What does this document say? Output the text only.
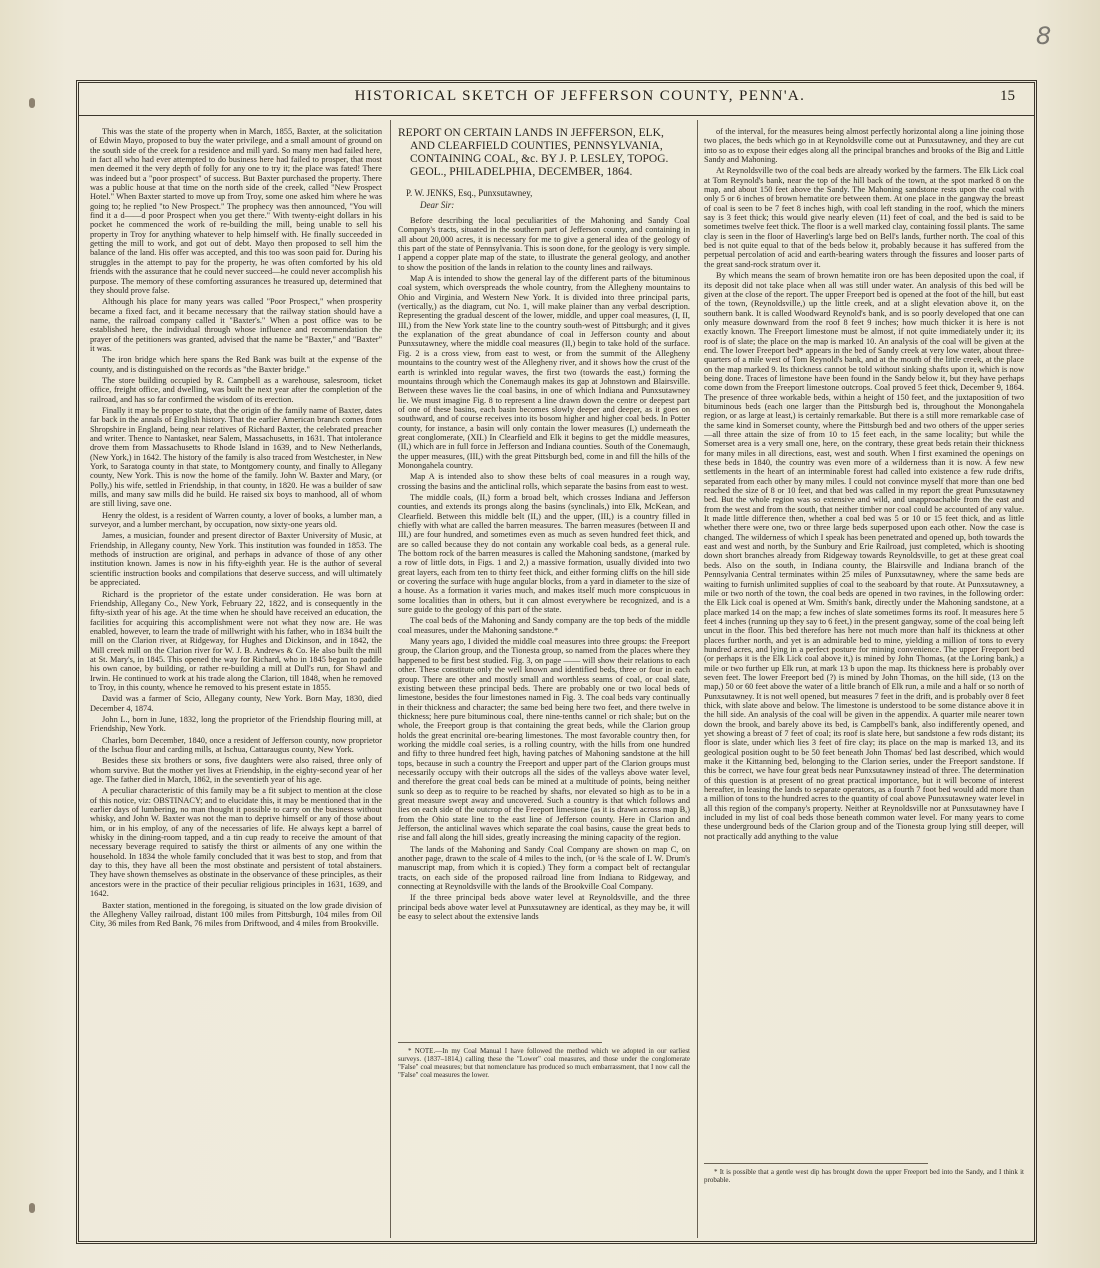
8
HISTORICAL SKETCH OF JEFFERSON COUNTY, PENN'A.	15

This was the state of the property when in March, 1855, Baxter, at the solicitation of Edwin Mayo, proposed to buy the water privilege, and a small amount of ground on the south side of the creek for a residence and mill yard. So many men had failed here, in fact all who had ever attempted to do business here had failed to prosper, that most men deemed it the very depth of folly for any one to try it; the place was fated! There was indeed but a "poor prospect" of success. But Baxter purchased the property. There was a public house at that time on the north side of the creek, called "New Prospect Hotel." When Baxter started to move up from Troy, some one asked him where he was going to; he replied "to New Prospect." The prophecy was then announced, "You will find it a d——d poor Prospect when you get there." With twenty-eight dollars in his pocket he commenced the work of re-building the mill, being unable to sell his property in Troy for anything whatever to help himself with. He finally succeeded in getting the mill to work, and got out of debt. Mayo then proposed to sell him the balance of the land. His offer was accepted, and this too was soon paid for. During his struggles in the attempt to pay for the property, he was often comforted by his old friends with the assurance that he could never succeed—he could never accomplish his purpose. The memory of these comforting assurances he treasured up, determined that they should prove false.

Although his place for many years was called "Poor Prospect," when prosperity became a fixed fact, and it became necessary that the railway station should have a name, the railroad company called it "Baxter's." When a post office was to be established here, the individual through whose influence and recommendation the prayer of the petitioners was granted, advised that the name be "Baxter," and "Baxter" it was.

The iron bridge which here spans the Red Bank was built at the expense of the county, and is distinguished on the records as "the Baxter bridge."

The store building occupied by R. Campbell as a warehouse, salesroom, ticket office, freight office, and dwelling, was built the next year after the completion of the railroad, and has so far confirmed the wisdom of its erection.

Finally it may be proper to state, that the origin of the family name of Baxter, dates far back in the annals of English history. That the earlier American branch comes from Shropshire in England, being near relatives of Richard Baxter, the celebrated preacher and writer. Thence to Nantasket, near Salem, Massachusetts, in 1631. That intolerance drove them from Massachusetts to Rhode Island in 1639, and to New Netherlands, (New York,) in 1642. The history of the family is also traced from Westchester, in New York, to Saratoga county in that state, to Montgomery county, and finally to Allegany county, New York. This is now the home of the family. John W. Baxter and Mary, (or Polly,) his wife, settled in Friendship, in that county, in 1820. He was a builder of saw mills, and many saw mills did he build. He raised six boys to manhood, all of whom are still living, save one.

Henry the oldest, is a resident of Warren county, a lover of books, a lumber man, a surveyor, and a lumber merchant, by occupation, now sixty-one years old.

James, a musician, founder and present director of Baxter University of Music, at Friendship, in Allegany county, New York. This institution was founded in 1853. The methods of instruction are original, and perhaps in advance of those of any other institution known. James is now in his fifty-eighth year. He is the author of several scientific instruction books and compilations that deserve success, and will ultimately be appreciated.

Richard is the proprietor of the estate under consideration. He was born at Friendship, Allegany Co., New York, February 22, 1822, and is consequently in the fifty-sixth year of his age. At the time when he should have received an education, the facilities for acquiring this accomplishment were not what they now are. He was enabled, however, to learn the trade of millwright with his father, who in 1834 built the mill on the Clarion river, at Ridgeway, for Hughes and Dickinson, and in 1842, the Mill creek mill on the Clarion river for W. J. B. Andrews & Co. He also built the mill at St. Mary's, in 1845. This opened the way for Richard, who in 1845 began to paddle his own canoe, by building, or rather re-building a mill at Dull's run, for Shawl and Irwin. He continued to work at his trade along the Clarion, till 1848, when he removed to Troy, in this county, whence he removed to his present estate in 1855.

David was a farmer of Scio, Allegany county, New York. Born May, 1830, died December 4, 1874.

John L., born in June, 1832, long the proprietor of the Friendship flouring mill, at Friendship, New York.

Charles, born December, 1840, once a resident of Jefferson county, now proprietor of the Ischua flour and carding mills, at Ischua, Cattaraugus county, New York.

Besides these six brothers or sons, five daughters were also raised, three only of whom survive. But the mother yet lives at Friendship, in the eighty-second year of her age. The father died in March, 1862, in the seventieth year of his age.

A peculiar characteristic of this family may be a fit subject to mention at the close of this notice, viz: OBSTINACY; and to elucidate this, it may be mentioned that in the earlier days of lumbering, no man thought it possible to carry on the business without whisky, and John W. Baxter was not the man to deprive himself or any of those about him, or in his employ, of any of the necessaries of life. He always kept a barrel of whisky in the dining-room tapped, and a tin cup ready to receive the amount of that necessary beverage required to satisfy the thirst or ailments of any one within the household. In 1834 the whole family concluded that it was best to stop, and from that day to this, they have all been the most obstinate and persistent of total abstainers. They have shown themselves as obstinate in the observance of these principles, as their ancestors were in the practice of their peculiar religious principles in 1631, 1639, and 1642.

Baxter station, mentioned in the foregoing, is situated on the low grade division of the Allegheny Valley railroad, distant 100 miles from Pittsburgh, 104 miles from Oil City, 36 miles from Red Bank, 76 miles from Driftwood, and 4 miles from Brookville.

REPORT ON CERTAIN LANDS IN JEFFERSON, ELK, AND CLEARFIELD COUNTIES, PENNSYLVANIA, CONTAINING COAL, &c. BY J. P. LESLEY, TOPOG. GEOL., PHILADELPHIA, DECEMBER, 1864.
P. W. JENKS, Esq., Punxsutawney,
Dear Sir:

Before describing the local peculiarities of the Mahoning and Sandy Coal Company's tracts, situated in the southern part of Jefferson county, and containing in all about 20,000 acres, it is necessary for me to give a general idea of the geology of this part of the state of Pennsylvania. This is soon done, for the geology is very simple. I append a copper plate map of the state, to illustrate the general geology, and another to show the position of the lands in relation to the county lines and railways.

Map A is intended to show the general lay of the different parts of the bituminous coal system, which overspreads the whole country, from the Allegheny mountains to Ohio and Virginia, and Western New York. It is divided into three principal parts, (vertically,) as the diagram, cut No. 1, will make plainer than any verbal description. Representing the gradual descent of the lower, middle, and upper coal measures, (I, II, III,) from the New York state line to the country south-west of Pittsburgh; and it gives the explanation of the great abundance of coal in Jefferson county and about Punxsutawney, where the middle coal measures (II,) begin to take hold of the surface. Fig. 2 is a cross view, from east to west, or from the summit of the Allegheny mountains to the country west of the Allegheny river, and it shows how the crust of the earth is wrinkled into regular waves, the first two (towards the east,) forming the mountains through which the Conemaugh makes its gap at Johnstown and Blairsville. Between these waves lie the coal basins, in one of which Indiana and Punxsutawney lie. We must imagine Fig. 8 to represent a line drawn down the centre or deepest part of one of these basins, each basin becomes slowly deeper and deeper, as it goes on southward, and of course receives into its bosom higher and higher coal beds. In Potter county, for instance, a basin will only contain the lower measures (I,) underneath the great conglomerate, (XII.) In Clearfield and Elk it begins to get the middle measures, (II,) which are in full force in Jefferson and Indiana counties. South of the Conemaugh, the upper measures, (III,) with the great Pittsburgh bed, come in and fill the hills of the Monongahela country.

Map A is intended also to show these belts of coal measures in a rough way, crossing the basins and the anticlinal rolls, which separate the basins from east to west.

The middle coals, (II,) form a broad belt, which crosses Indiana and Jefferson counties, and extends its prongs along the basins (synclinals,) into Elk, McKean, and Clearfield. Between this middle belt (II,) and the upper, (III,) is a country filled in chiefly with what are called the barren measures. The barren measures (between II and III,) are four hundred, and sometimes even as much as seven hundred feet thick, and are so called because they do not contain any workable coal beds, as a general rule. The bottom rock of the barren measures is called the Mahoning sandstone, (marked by a row of little dots, in Figs. 1 and 2,) a massive formation, usually divided into two great layers, each from ten to thirty feet thick, and either forming cliffs on the hill side or covering the surface with huge angular blocks, from a yard in diameter to the size of a house. As a formation it varies much, and makes itself much more conspicuous in some localities than in others, but it can almost everywhere be recognized, and is a sure guide to the geology of this part of the state.

The coal beds of the Mahoning and Sandy company are the top beds of the middle coal measures, under the Mahoning sandstone.*

Many years ago, I divided the middle coal measures into three groups: the Freeport group, the Clarion group, and the Tionesta group, so named from the places where they happened to be first best studied. Fig. 3, on page —— will show their relations to each other. These constitute only the well known and identified beds, three or four in each group. There are other and mostly small and worthless seams of coal, or coal slate, existing between these principal beds. There are probably one or two local beds of limestone, besides the four limestones named in Fig. 3. The coal beds vary continually in their thickness and character; the same bed being here two feet, and there twelve in thickness; here pure bituminous coal, there nine-tenths cannel or rich shale; but on the whole, the Freeport group is that containing the great beds, while the Clarion group holds the great encrinital ore-bearing limestones. The most favorable country then, for working the middle coal series, is a rolling country, with the hills from one hundred and fifty to three hundred feet high, having patches of Mahoning sandstone at the hill tops, because in such a country the Freeport and upper part of the Clarion groups must necessarily occupy with their outcrops all the sides of the valleys above water level, and therefore the great coal beds can be mined at a multitude of points, being neither sunk so deep as to require to be reached by shafts, nor elevated so high as to be in a great measure swept away and uncovered. Such a country is that which follows and lies on each side of the outcrop of the Freeport limestone (as it is drawn across map B,) from the Ohio state line to the east line of Jefferson county. Here in Clarion and Jefferson, the anticlinal waves which separate the coal basins, cause the great beds to rise and fall along the hill sides, greatly increasing the mining capacity of the region.

The lands of the Mahoning and Sandy Coal Company are shown on map C, on another page, drawn to the scale of 4 miles to the inch, (or ¼ the scale of I. W. Drum's manuscript map, from which it is copied.) They form a compact belt of rectangular tracts, on each side of the proposed railroad line from Indiana to Ridgeway, and connecting at Reynoldsville with the lands of the Brookville Coal Company.

If the three principal beds above water level at Reynoldsville, and the three principal beds above water level at Punxsutawney are identical, as they may be, it will be easy to select about the extensive lands

* NOTE.—In my Coal Manual I have followed the method which we adopted in our earliest surveys. (1837–1814,) calling these the "Lower" coal measures, and those under the conglomerate "False" coal measures; but that nomenclature has produced so much embarrassment, that I now call the "False" coal measures the lower.

of the interval, for the measures being almost perfectly horizontal along a line joining those two places, the beds which go in at Reynoldsville come out at Punxsutawney, and they are cut into so as to expose their edges along all the principal branches and brooks of the Big and Little Sandy and Mahoning.

At Reynoldsville two of the coal beds are already worked by the farmers. The Elk Lick coal at Tom Reynold's bank, near the top of the hill back of the town, at the spot marked 8 on the map, and about 150 feet above the Sandy. The Mahoning sandstone rests upon the coal with only 5 or 6 inches of brown hematite ore between them. At one place in the gangway the breast of coal is seen to be 7 feet 8 inches high, with coal left standing in the roof, which the miners say is 3 feet thick; this would give nearly eleven (11) feet of coal, and the bed is said to be sometimes twelve feet thick. The floor is a well marked clay, containing fossil plants. The same clay is seen in the floor of Haverling's large bed on Bell's lands, further north. The coal of this bed is not quite equal to that of the beds below it, probably because it has suffered from the perpetual percolation of acid and earth-bearing waters through the fissures and looser parts of the great sand-rock stratum over it.

By which means the seam of brown hematite iron ore has been deposited upon the coal, if its deposit did not take place when all was still under water. An analysis of this bed will be given at the close of the report. The upper Freeport bed is opened at the foot of the hill, but east of the town, (Reynoldsville,) up the little creek, and at a slight elevation above it, on the southern bank. It is called Woodward Reynold's bank, and is so poorly developed that one can only measure downward from the roof 8 feet 9 inches; how much thicker it is here is not exactly known. The Freeport limestone must be almost, if not quite immediately under it; its roof is of slate; the place on the map is marked 10. An analysis of the coal will be given at the end. The lower Freeport bed* appears in the bed of Sandy creek at very low water, about three-quarters of a mile west of Tom Reynold's bank, and at the mouth of the little creek, at the place on the map marked 9. Its thickness cannot be told without sinking shafts upon it, which is now being done. Traces of limestone have been found in the Sandy below it, but they have perhaps come down from the Freeport limestone outcrops. Coal proved 5 feet thick, December 9, 1864. The presence of three workable beds, within a height of 150 feet, and the juxtaposition of two bituminous beds (each one larger than the Pittsburgh bed is, throughout the Monongahela region, or as large at least,) is certainly remarkable. But there is a still more remarkable case of the same kind in Somerset county, where the Pittsburgh bed and two others of the upper series—all three attain the size of from 10 to 15 feet each, in the same locality; but while the Somerset area is a very small one, here, on the contrary, these great beds retain their thickness for many miles in all directions, east, west and south. When I first examined the openings on these beds in 1840, the country was even more of a wilderness than it is now. A few new settlements in the heart of an interminable forest had called into existence a few rude drifts, separated from each other by many miles. I could not convince myself that more than one bed reached the size of 8 or 10 feet, and that bed was called in my report the great Punxsutawney bed. But the whole region was so extensive and wild, and unapproachable from the east and from the west and from the south, that neither timber nor coal could be accounted of any value. It made little difference then, whether a coal bed was 5 or 10 or 15 feet thick, and as little whether there were one, two or three large beds superposed upon each other. Now the case is changed. The wilderness of which I speak has been penetrated and opened up, both towards the east and west and north, by the Sunbury and Erie Railroad, just completed, which is shooting down short branches already from Ridgeway towards Reynoldsville, to get at these great coal beds. Also on the south, in Indiana county, the Blairsville and Indiana branch of the Pennsylvania Central terminates within 25 miles of Punxsutawney, where the same beds are waiting to furnish unlimited supplies of coal to the seaboard by that route. At Punxsutawney, a mile or two north of the town, the coal beds are opened in two ravines, in the following order: the Elk Lick coal is opened at Wm. Smith's bank, directly under the Mahoning sandstone, at a place marked 14 on the map; a few inches of slate sometimes forms its roof. It measures here 5 feet 4 inches (running up they say to 6 feet,) in the present gangway, some of the coal being left uncut in the floor. This bed therefore has here not much more than half its thickness at other places further north, and yet is an admirable bed to mine, yielding a million of tons to every hundred acres, and lying in a perfect posture for mining convenience. The upper Freeport bed (or perhaps it is the Elk Lick coal above it,) is mined by John Thomas, (at the Loring bank,) a mile or two further up Elk run, at mark 13 b upon the map. Its thickness here is probably over seven feet. The lower Freeport bed (?) is mined by John Thomas, on the hill side, (13 on the map,) 50 or 60 feet above the water of a little branch of Elk run, a mile and a half or so north of Punxsutawney. It is not well opened, but measures 7 feet in the drift, and is probably over 8 feet thick, with slate above and below. The limestone is understood to be some distance above it in the hill side. An analysis of the coal will be given in the appendix. A quarter mile nearer town down the brook, and barely above its bed, is Campbell's bank, also indifferently opened, and yet showing a breast of 7 feet of coal; its roof is slate here, but sandstone a few rods distant; its floor is slate, under which lies 3 feet of fire clay; its place on the map is marked 13, and its geological position ought to be 50 feet beneath John Thomas' bed last described, which would make it the Kittanning bed, belonging to the Clarion series, under the Freeport sandstone. If this be correct, we have four great beds near Punxsutawney instead of three. The determination of this question is at present of no great practical importance, but it will become of interest hereafter, in leasing the lands to separate operators, as a fourth 7 foot bed would add more than a million of tons to the hundred acres to the quantity of coal above Punxsutawney water level in all this region of the company's property. Neither at Reynoldsville nor at Punxsutawney have I included in my list of coal beds those beneath common water level. For many years to come these underground beds of the Clarion group and of the Tionesta group lying still deeper, will not practically add anything to the value

* It is possible that a gentle west dip has brought down the upper Freeport bed into the Sandy, and I think it probable.
